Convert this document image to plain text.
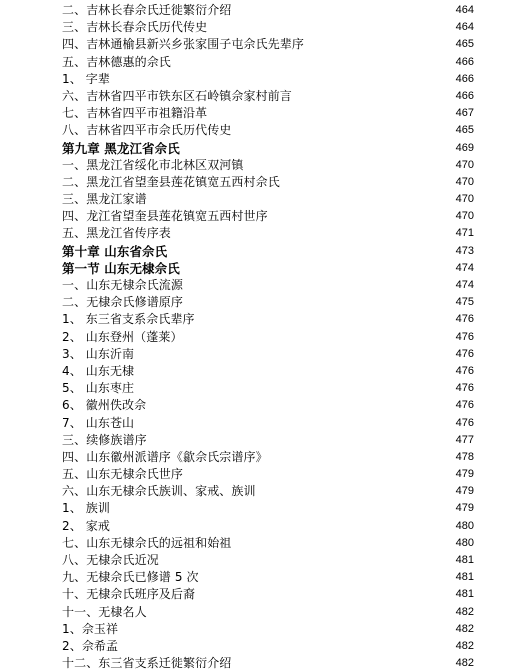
二、吉林长春佘氏迁徙繁衍介绍	464
三、吉林长春佘氏历代传史	464
四、吉林通榆县新兴乡张家围子屯佘氏先辈序	465
五、吉林德惠的佘氏	466
1、 字辈	466
六、吉林省四平市铁东区石岭镇佘家村前言	466
七、吉林省四平市祖籍沿革	467
八、吉林省四平市佘氏历代传史	465
第九章 黑龙江省佘氏	469
一、黑龙江省绥化市北林区双河镇	470
二、黑龙江省望奎县莲花镇宽五西村佘氏	470
三、黑龙江家谱	470
四、龙江省望奎县莲花镇宽五西村世序	470
五、黑龙江省传序表	471
第十章 山东省佘氏	473
第一节 山东无棣佘氏	474
一、山东无棣佘氏流源	474
二、无棣佘氏修谱原序	475
1、 东三省支系佘氏辈序	476
2、 山东登州（蓬莱）	476
3、 山东沂南	476
4、 山东无棣	476
5、 山东枣庄	476
6、 徽州佚改佘	476
7、 山东苍山	476
三、续修族谱序	477
四、山东徽州派谱序《歙佘氏宗谱序》	478
五、山东无棣佘氏世序	479
六、山东无棣佘氏族训、家戒、族训	479
1、 族训	479
2、 家戒	480
七、山东无棣佘氏的远祖和始祖	480
八、无棣佘氏近况	481
九、无棣佘氏已修谱 5 次	481
十、无棣佘氏班序及后裔	481
十一、无棣名人	482
1、佘玉祥	482
2、佘希孟	482
十二、东三省支系迁徙繁衍介绍	482
